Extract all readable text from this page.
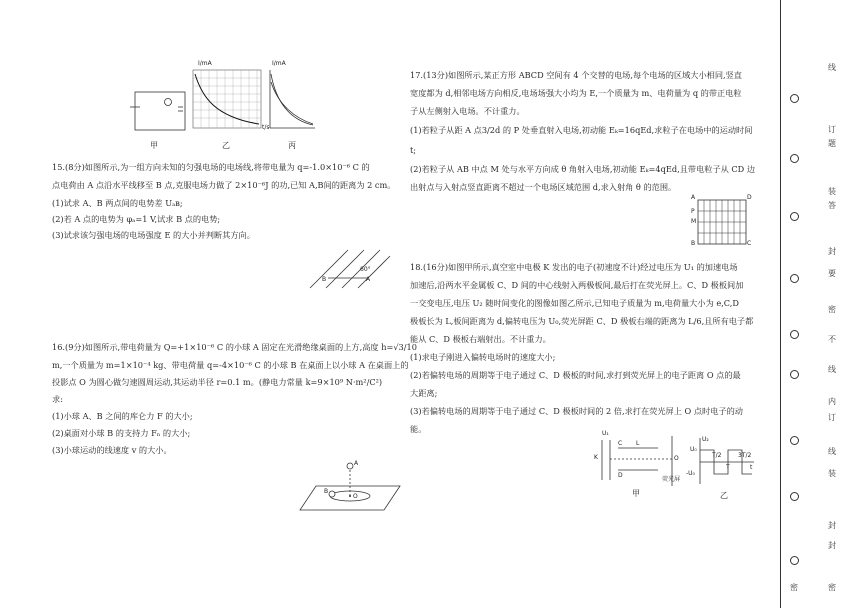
甲	乙	丙
I/mA	I/mA
t/s
15.(8分)如图所示,为一组方向未知的匀强电场的电场线,将带电量为 q=-1.0×10⁻⁶ C 的
点电荷由 A 点沿水平线移至 B 点,克服电场力做了 2×10⁻⁶J 的功,已知 A,B间的距离为 2 cm。
(1)试求 A、B 两点间的电势差 Uₐʙ;
(2)若 A 点的电势为 φₐ=1 V,试求 B 点的电势;
(3)试求该匀强电场的电场强度 E 的大小并判断其方向。
B	A
60°
16.(9分)如图所示,带电荷量为 Q=+1×10⁻⁶ C 的小球 A 固定在光滑绝缘桌面的上方,高度 h=√3/10
m,一个质量为 m=1×10⁻⁴ kg、带电荷量 q=-4×10⁻⁶ C 的小球 B 在桌面上以小球 A 在桌面上的
投影点 O 为圆心做匀速圆周运动,其运动半径 r=0.1 m。(静电力常量 k=9×10⁹ N·m²/C²)
求:
(1)小球 A、B 之间的库仑力 F 的大小;
(2)桌面对小球 B 的支持力 Fₙ 的大小;
(3)小球运动的线速度 v 的大小。
A
B
O
17.(13分)如图所示,某正方形 ABCD 空间有 4 个交替的电场,每个电场的区域大小相同,竖直
宽度都为 d,相邻电场方向相反,电场场强大小均为 E,一个质量为 m、电荷量为 q 的带正电粒
子从左侧射入电场。不计重力。
(1)若粒子从距 A 点3/2d 的 P 处垂直射入电场,初动能 Eₖ=16qEd,求粒子在电场中的运动时间
t;
(2)若粒子从 AB 中点 M 处与水平方向成 θ 角射入电场,初动能 Eₖ=4qEd,且带电粒子从 CD 边
出射点与入射点竖直距离不超过一个电场区域范围 d,求入射角 θ 的范围。
A	D
P
M
B	C
18.(16分)如图甲所示,真空室中电极 K 发出的电子(初速度不计)经过电压为 U₁ 的加速电场
加速后,沿两水平金属板 C、D 间的中心线射入两极板间,最后打在荧光屏上。C、D 极板间加
一交变电压,电压 U₂ 随时间变化的图像如图乙所示,已知电子质量为 m,电荷量大小为 e,C,D
极板长为 L,板间距离为 d,偏转电压为 U₀,荧光屏距 C、D 极板右端的距离为 L/6,且所有电子都
能从 C、D 极板右端射出。不计重力。
(1)求电子刚进入偏转电场时的速度大小;
(2)若偏转电场的周期等于电子通过 C、D 极板的时间,求打到荧光屏上的电子距离 O 点的最
大距离;
(3)若偏转电场的周期等于电子通过 C、D 极板时间的 2 倍,求打在荧光屏上 O 点时电子的动
能。
K
U₁
C
D
L
O
荧光屏
甲
U₂
U₀
-U₀
T/2
T
3T/2
t
乙
线
订
题
装
答
封
要
密
不
线
内
订
线
装
封
封
密	密
